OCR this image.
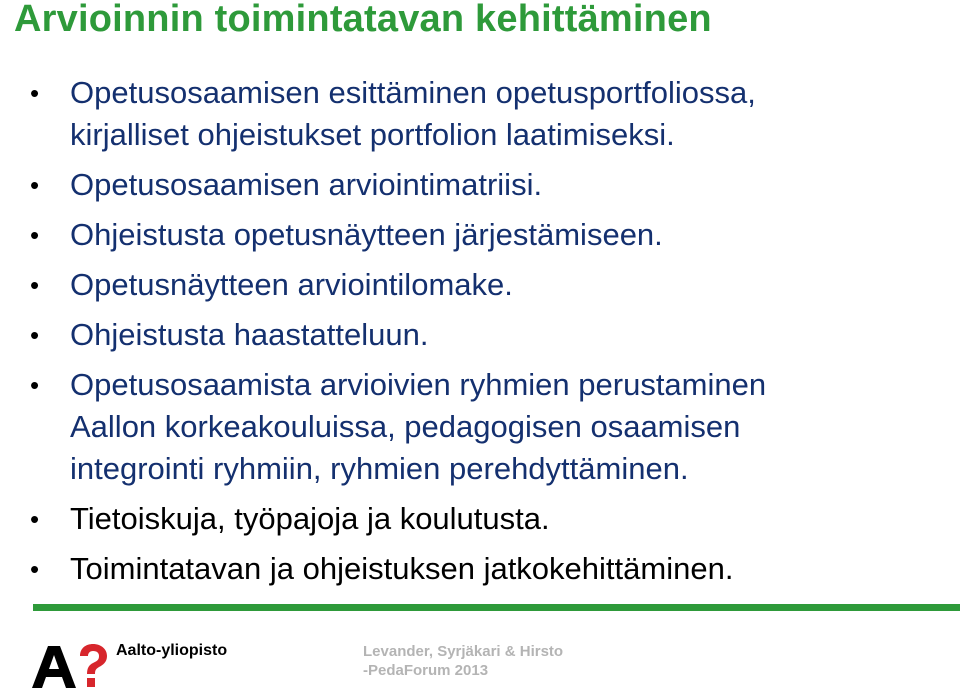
Arvioinnin toimintatavan kehittäminen
• Opetusosaamisen esittäminen opetusportfoliossa,
kirjalliset ohjeistukset portfolion laatimiseksi.
• Opetusosaamisen arviointimatriisi.
• Ohjeistusta opetusnäytteen järjestämiseen.
• Opetusnäytteen arviointilomake.
• Ohjeistusta haastatteluun.
• Opetusosaamista arvioivien ryhmien perustaminen
Aallon korkeakouluissa, pedagogisen osaamisen
integrointi ryhmiin, ryhmien perehdyttäminen.
• Tietoiskuja, työpajoja ja koulutusta.
• Toimintatavan ja ohjeistuksen jatkokehittäminen.
Aalto-yliopisto	Levander, Syrjäkari & Hirsto
-PedaForum 2013
